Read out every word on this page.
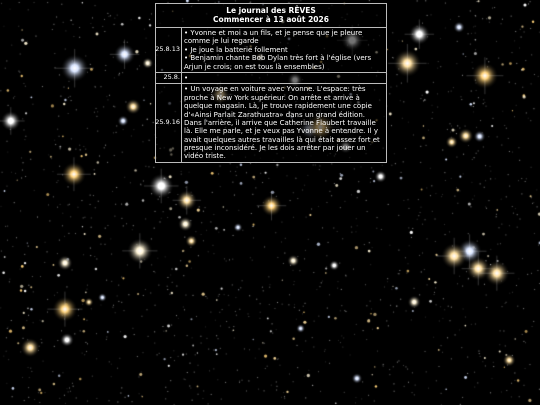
Le journal des RÊVES
Commencer à 13 août 2026
25.8.13
• Yvonne et moi a un fils, et je pense que je pleure comme je lui regarde
• Je joue la batterie follement
• Benjamin chante Bob Dylan très fort à l'église (vers Arjun je crois; on est tous là ensembles)
25.8.
•
25.9.16
• Un voyage en voiture avec Yvonne. L'espace: très proche à New York supérieur. On arrête et arrive à quelque magasin. Là, je trouve rapidement une copie d'«Ainsi Parlait Zarathustra» dans un grand édition. Dans l'arrière, il arrive que Catherine Flaubert travaille là. Elle me parle, et je veux pas Yvonne à entendre. Il y avait quelques autres travailles là qui était assez fort et presque inconsidéré. Je les dois arrêter par jouer un vidéo triste.
